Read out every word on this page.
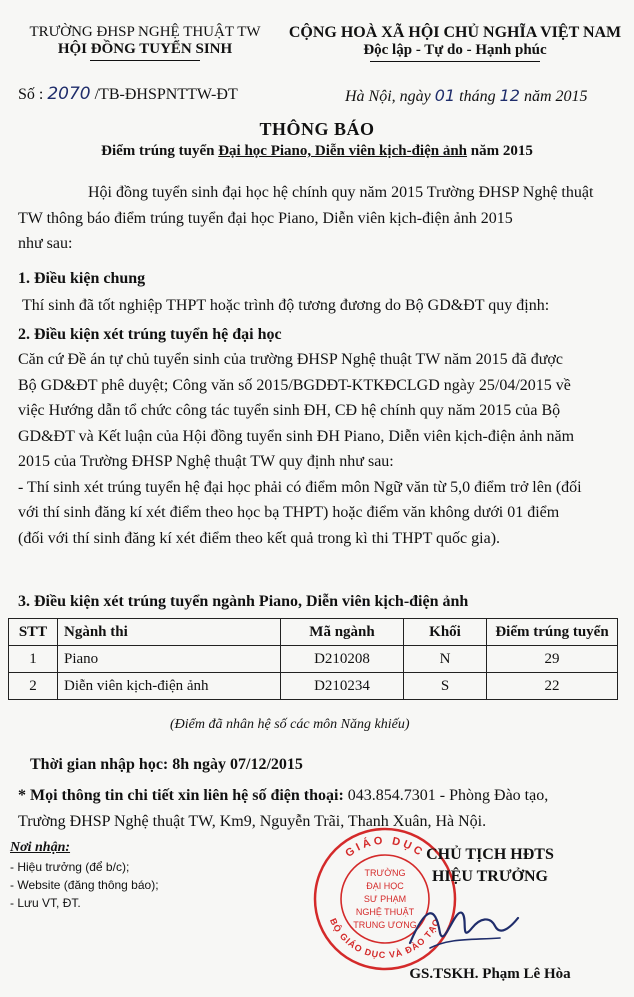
TRƯỜNG ĐHSP NGHỆ THUẬT TW
HỘI ĐỒNG TUYỂN SINH
CỘNG HOÀ XÃ HỘI CHỦ NGHĨA VIỆT NAM
Độc lập - Tự do - Hạnh phúc
Số : 2070 /TB-ĐHSPNTTW-ĐT	Hà Nội, ngày 01 tháng 12 năm 2015
THÔNG BÁO
Điểm trúng tuyển Đại học Piano, Diễn viên kịch-điện ảnh năm 2015
Hội đồng tuyển sinh đại học hệ chính quy năm 2015 Trường ĐHSP Nghệ thuật
TW thông báo điểm trúng tuyển đại học Piano, Diễn viên kịch-điện ảnh 2015
như sau:
1. Điều kiện chung
Thí sinh đã tốt nghiệp THPT hoặc trình độ tương đương do Bộ GD&ĐT quy định:
2. Điều kiện xét trúng tuyển hệ đại học
Căn cứ Đề án tự chủ tuyển sinh của trường ĐHSP Nghệ thuật TW năm 2015 đã được
Bộ GD&ĐT phê duyệt; Công văn số 2015/BGDĐT-KTKĐCLGD ngày 25/04/2015 về
việc Hướng dẫn tổ chức công tác tuyển sinh ĐH, CĐ hệ chính quy năm 2015 của Bộ
GD&ĐT và Kết luận của Hội đồng tuyển sinh ĐH Piano, Diễn viên kịch-điện ảnh năm
2015 của Trường ĐHSP Nghệ thuật TW quy định như sau:
- Thí sinh xét trúng tuyển hệ đại học phải có điểm môn Ngữ văn từ 5,0 điểm trở lên (đối
với thí sinh đăng kí xét điểm theo học bạ THPT) hoặc điểm văn không dưới 01 điểm
(đối với thí sinh đăng kí xét điểm theo kết quả trong kì thi THPT quốc gia).
3. Điều kiện xét trúng tuyển ngành Piano, Diễn viên kịch-điện ảnh
STT	Ngành thi	Mã ngành	Khối	Điểm trúng tuyển
1	Piano	D210208	N	29
2	Diễn viên kịch-điện ảnh	D210234	S	22
(Điểm đã nhân hệ số các môn Năng khiếu)
Thời gian nhập học: 8h ngày 07/12/2015
* Mọi thông tin chi tiết xin liên hệ số điện thoại: 043.854.7301 - Phòng Đào tạo,
Trường ĐHSP Nghệ thuật TW, Km9, Nguyễn Trãi, Thanh Xuân, Hà Nội.
Nơi nhận:
- Hiệu trưởng (để b/c);
- Website (đăng thông báo);
- Lưu VT, ĐT.
GIÁO DỤC
BỘ GIÁO DỤC VÀ ĐÀO TẠO
TRƯỜNG
ĐẠI HỌC
SƯ PHẠM
NGHỆ THUẬT
TRUNG ƯƠNG
CHỦ TỊCH HĐTS
HIỆU TRƯỞNG
GS.TSKH. Phạm Lê Hòa
